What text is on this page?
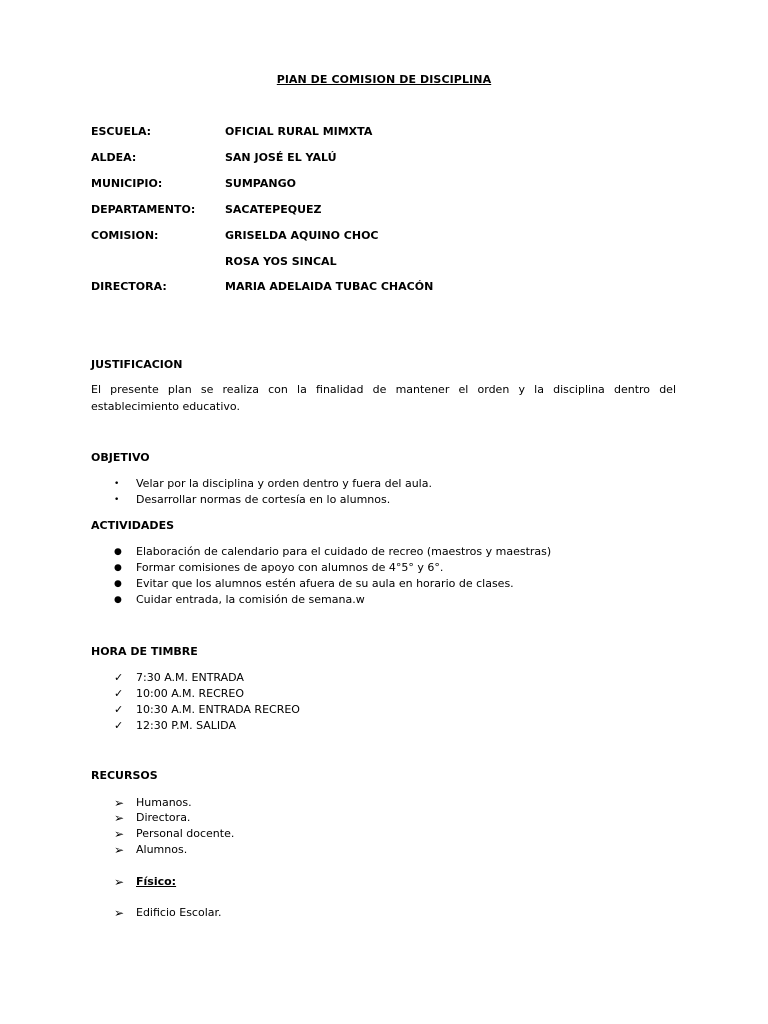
PlAN DE COMISION DE DISCIPLINA
ESCUELA:	OFICIAL RURAL MIMXTA
ALDEA:	SAN JOSÉ EL YALÚ
MUNICIPIO:	SUMPANGO
DEPARTAMENTO:	SACATEPEQUEZ
COMISION:	GRISELDA AQUINO CHOC
ROSA YOS SINCAL
DIRECTORA:	MARIA ADELAIDA TUBAC CHACÓN
JUSTIFICACION
El presente plan se realiza con la finalidad de mantener el orden y la disciplina dentro del establecimiento educativo.
OBJETIVO
•	Velar por la disciplina y orden dentro y fuera del aula.
•	Desarrollar normas de cortesía en lo alumnos.
ACTIVIDADES
●	Elaboración de calendario para el cuidado de recreo (maestros y maestras)
●	Formar comisiones de apoyo con alumnos de 4°5° y 6°.
●	Evitar que los alumnos estén afuera de su aula en horario de clases.
●	Cuidar entrada, la comisión de semana.w
HORA DE TIMBRE
✓	7:30 A.M. ENTRADA
✓	10:00 A.M. RECREO
✓	10:30 A.M. ENTRADA RECREO
✓	12:30 P.M. SALIDA
RECURSOS
➢	Humanos.
➢	Directora.
➢	Personal docente.
➢	Alumnos.
➢	Físico:
➢	Edificio Escolar.
